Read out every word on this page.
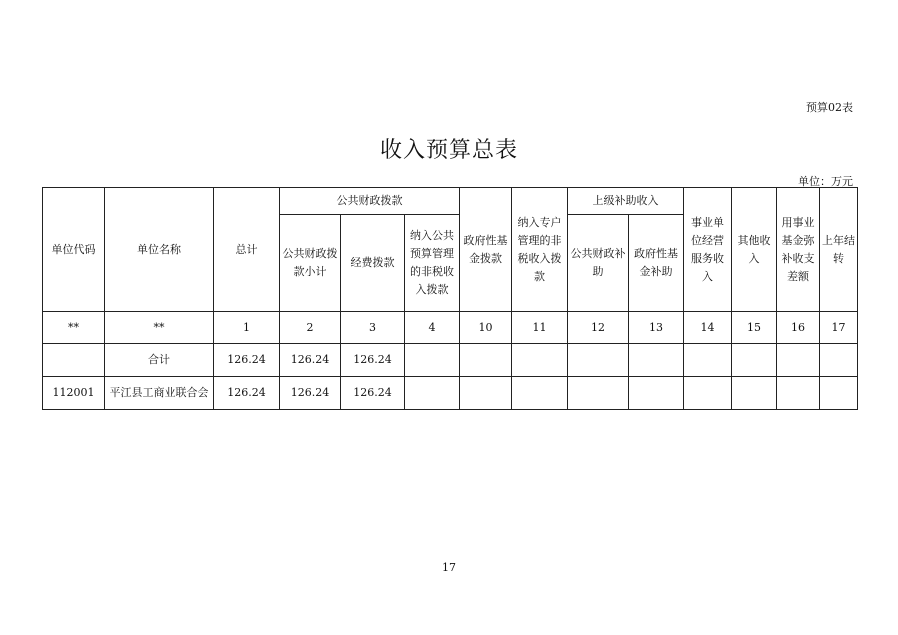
预算02表
收入预算总表
单位：万元
单位代码	单位名称	总计	公共财政拨款			政府性基金拨款	纳入专户管理的非税收入拨款	上级补助收入		事业单位经营服务收入	其他收入	用事业基金弥补收支差额	上年结转
			公共财政拨款小计	经费拨款	纳入公共预算管理的非税收入拨款			公共财政补助	政府性基金补助				
**	**	1	2	3	4	10	11	12	13	14	15	16	17
	合计	126.24	126.24	126.24									
112001	平江县工商业联合会	126.24	126.24	126.24									
17
